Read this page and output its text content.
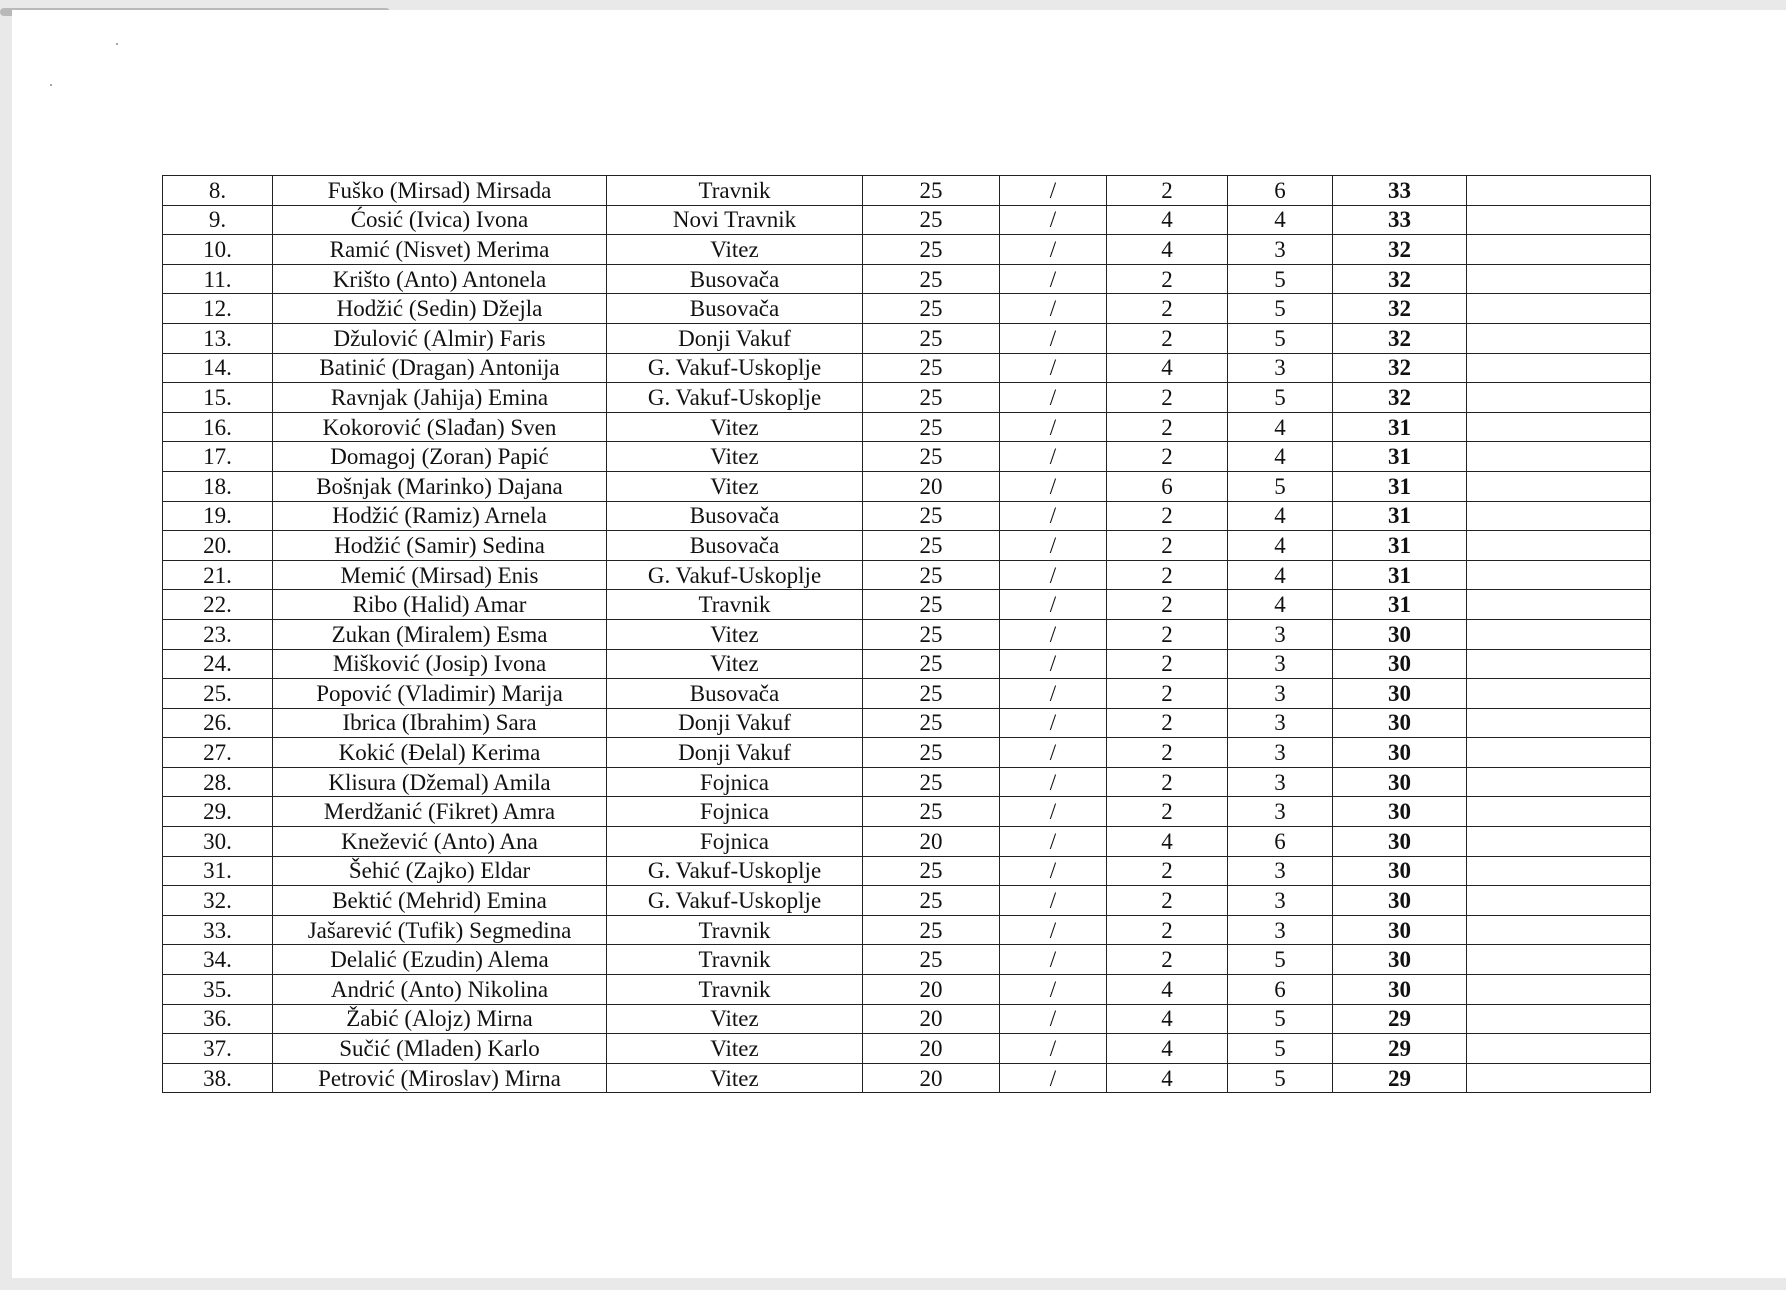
8.	Fuško (Mirsad) Mirsada	Travnik	25	/	2	6	33	
9.	Ćosić (Ivica) Ivona	Novi Travnik	25	/	4	4	33	
10.	Ramić (Nisvet) Merima	Vitez	25	/	4	3	32	
11.	Krišto (Anto) Antonela	Busovača	25	/	2	5	32	
12.	Hodžić (Sedin) Džejla	Busovača	25	/	2	5	32	
13.	Džulović (Almir) Faris	Donji Vakuf	25	/	2	5	32	
14.	Batinić (Dragan) Antonija	G. Vakuf-Uskoplje	25	/	4	3	32	
15.	Ravnjak (Jahija) Emina	G. Vakuf-Uskoplje	25	/	2	5	32	
16.	Kokorović (Slađan) Sven	Vitez	25	/	2	4	31	
17.	Domagoj (Zoran) Papić	Vitez	25	/	2	4	31	
18.	Bošnjak (Marinko) Dajana	Vitez	20	/	6	5	31	
19.	Hodžić (Ramiz) Arnela	Busovača	25	/	2	4	31	
20.	Hodžić (Samir) Sedina	Busovača	25	/	2	4	31	
21.	Memić (Mirsad) Enis	G. Vakuf-Uskoplje	25	/	2	4	31	
22.	Ribo (Halid) Amar	Travnik	25	/	2	4	31	
23.	Zukan (Miralem) Esma	Vitez	25	/	2	3	30	
24.	Mišković (Josip) Ivona	Vitez	25	/	2	3	30	
25.	Popović (Vladimir) Marija	Busovača	25	/	2	3	30	
26.	Ibrica (Ibrahim) Sara	Donji Vakuf	25	/	2	3	30	
27.	Kokić (Đelal) Kerima	Donji Vakuf	25	/	2	3	30	
28.	Klisura (Džemal) Amila	Fojnica	25	/	2	3	30	
29.	Merdžanić (Fikret) Amra	Fojnica	25	/	2	3	30	
30.	Knežević (Anto) Ana	Fojnica	20	/	4	6	30	
31.	Šehić (Zajko) Eldar	G. Vakuf-Uskoplje	25	/	2	3	30	
32.	Bektić (Mehrid) Emina	G. Vakuf-Uskoplje	25	/	2	3	30	
33.	Jašarević (Tufik) Segmedina	Travnik	25	/	2	3	30	
34.	Delalić (Ezudin) Alema	Travnik	25	/	2	5	30	
35.	Andrić (Anto) Nikolina	Travnik	20	/	4	6	30	
36.	Žabić (Alojz) Mirna	Vitez	20	/	4	5	29	
37.	Sučić (Mladen) Karlo	Vitez	20	/	4	5	29	
38.	Petrović (Miroslav) Mirna	Vitez	20	/	4	5	29	
